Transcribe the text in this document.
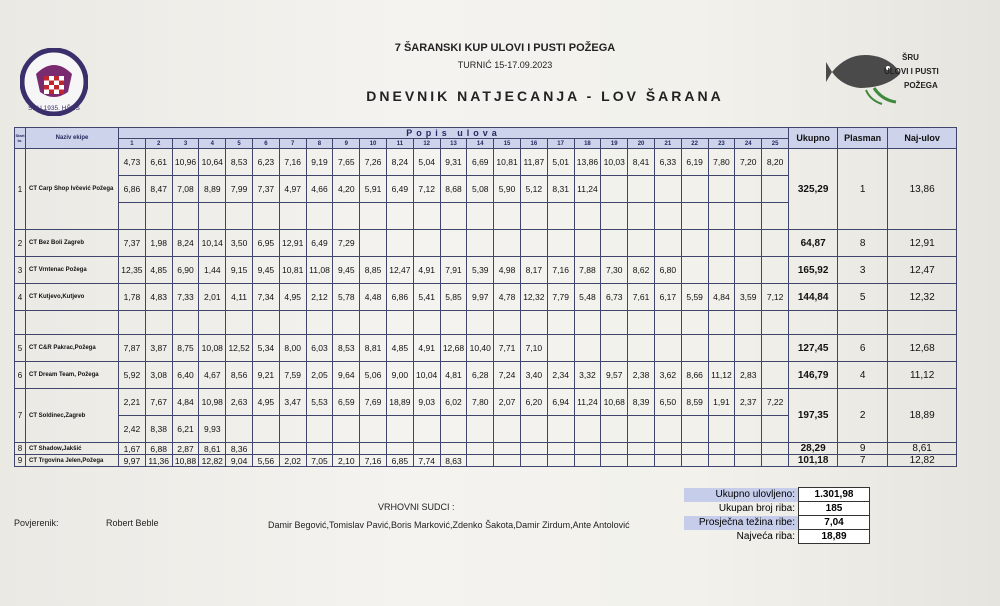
ŠRU 1935. HŠRS
ŠRU
ULOVI I PUSTI
POŽEGA
7 ŠARANSKI KUP ULOVI I PUSTI POŽEGA
TURNIĆ 15-17.09.2023
DNEVNIK NATJECANJA - LOV ŠARANA
Start br.	Naziv ekipe	Popis ulova																									Ukupno	Plasman	Naj-ulov
		1	2	3	4	5	6	7	8	9	10	11	12	13	14	15	16	17	18	19	20	21	22	23	24	25			
1	CT Carp Shop Ivčević Požega	4,73	6,61	10,96	10,64	8,53	6,23	7,16	9,19	7,65	7,26	8,24	5,04	9,31	6,69	10,81	11,87	5,01	13,86	10,03	8,41	6,33	6,19	7,80	7,20	8,20	325,29	1	13,86
		6,86	8,47	7,08	8,89	7,99	7,37	4,97	4,66	4,20	5,91	6,49	7,12	8,68	5,08	5,90	5,12	8,31	11,24										

2	CT Bez Boli Zagreb	7,37	1,98	8,24	10,14	3,50	6,95	12,91	6,49	7,29																	64,87	8	12,91
3	CT Vrntenac Požega	12,35	4,85	6,90	1,44	9,15	9,45	10,81	11,08	9,45	8,85	12,47	4,91	7,91	5,39	4,98	8,17	7,16	7,88	7,30	8,62	6,80					165,92	3	12,47
4	CT Kutjevo,Kutjevo	1,78	4,83	7,33	2,01	4,11	7,34	4,95	2,12	5,78	4,48	6,86	5,41	5,85	9,97	4,78	12,32	7,79	5,48	6,73	7,61	6,17	5,59	4,84	3,59	7,12	144,84	5	12,32

5	CT C&R Pakrac,Požega	7,87	3,87	8,75	10,08	12,52	5,34	8,00	6,03	8,53	8,81	4,85	4,91	12,68	10,40	7,71	7,10										127,45	6	12,68
6	CT Dream Team, Požega	5,92	3,08	6,40	4,67	8,56	9,21	7,59	2,05	9,64	5,06	9,00	10,04	4,81	6,28	7,24	3,40	2,34	3,32	9,57	2,38	3,62	8,66	11,12	2,83		146,79	4	11,12
7	CT Soldinec,Zagreb	2,21	7,67	4,84	10,98	2,63	4,95	3,47	5,53	6,59	7,69	18,89	9,03	6,02	7,80	2,07	6,20	6,94	11,24	10,68	8,39	6,50	8,59	1,91	2,37	7,22	197,35	2	18,89
		2,42	8,38	6,21	9,93																								
8	CT Shadow,Jakšić	1,67	6,88	2,87	8,61	8,36																					28,29	9	8,61
9	CT Trgovina Jelen,Požega	9,97	11,36	10,88	12,82	9,04	5,56	2,02	7,05	2,10	7,16	6,85	7,74	8,63													101,18	7	12,82
VRHOVNI SUDCI :
Damir Begović,Tomislav Pavić,Boris Marković,Zdenko Šakota,Damir Zirdum,Ante Antolović
Povjerenik:	Robert Beble
Ukupno ulovljeno:	1.301,98
Ukupan broj riba:	185
Prosječna težina ribe:	7,04
Najveća riba:	18,89
